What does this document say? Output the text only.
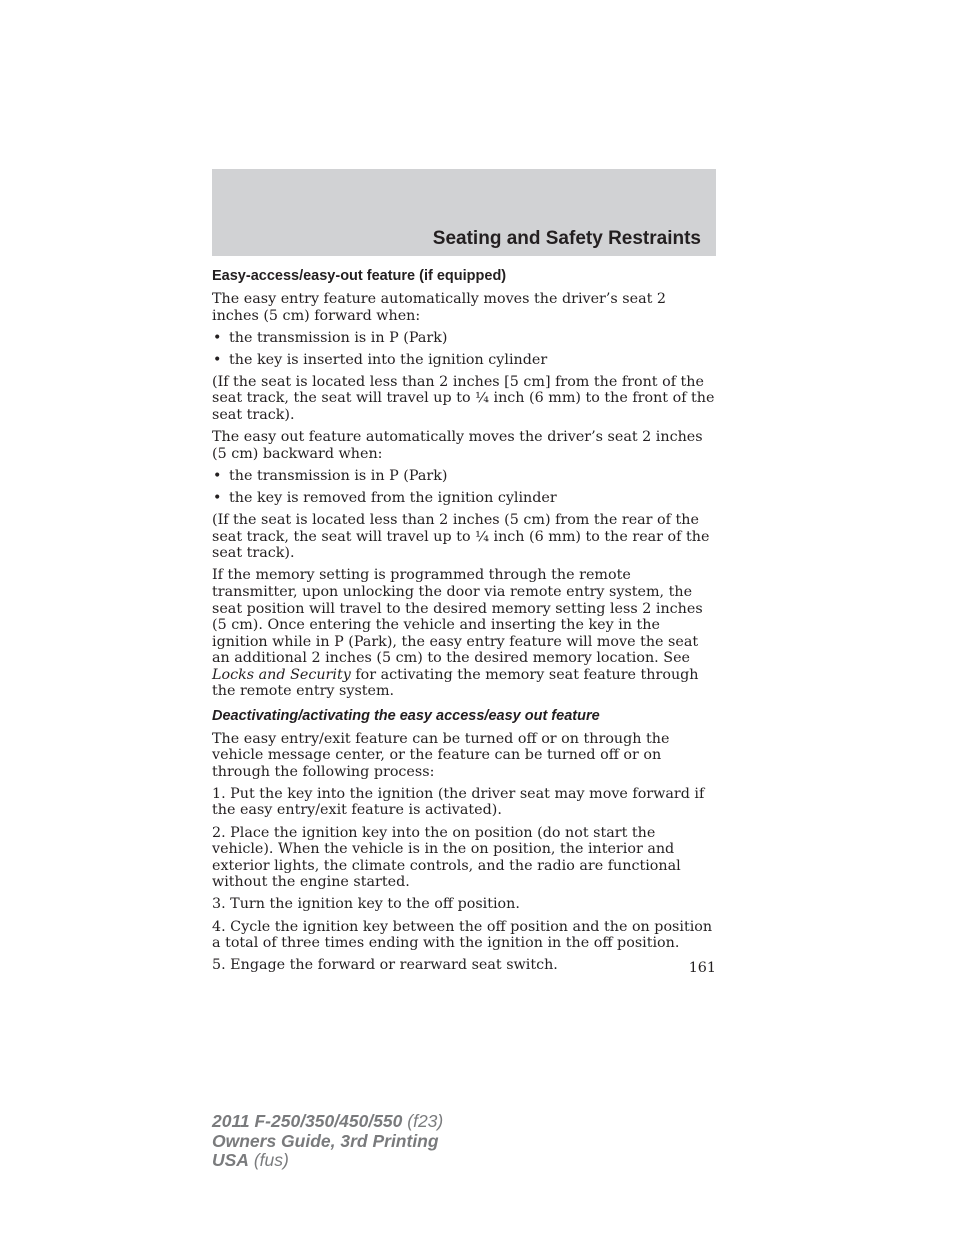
Seating and Safety Restraints
Easy-access/easy-out feature (if equipped)

The easy entry feature automatically moves the driver’s seat 2 inches (5 cm) forward when:

• the transmission is in P (Park)
• the key is inserted into the ignition cylinder

(If the seat is located less than 2 inches [5 cm] from the front of the seat track, the seat will travel up to ¼ inch (6 mm) to the front of the seat track).

The easy out feature automatically moves the driver’s seat 2 inches (5 cm) backward when:

• the transmission is in P (Park)
• the key is removed from the ignition cylinder

(If the seat is located less than 2 inches (5 cm) from the rear of the seat track, the seat will travel up to ¼ inch (6 mm) to the rear of the seat track).

If the memory setting is programmed through the remote transmitter, upon unlocking the door via remote entry system, the seat position will travel to the desired memory setting less 2 inches (5 cm). Once entering the vehicle and inserting the key in the ignition while in P (Park), the easy entry feature will move the seat an additional 2 inches (5 cm) to the desired memory location. See Locks and Security for activating the memory seat feature through the remote entry system.

Deactivating/activating the easy access/easy out feature

The easy entry/exit feature can be turned off or on through the vehicle message center, or the feature can be turned off or on through the following process:

1. Put the key into the ignition (the driver seat may move forward if the easy entry/exit feature is activated).

2. Place the ignition key into the on position (do not start the vehicle). When the vehicle is in the on position, the interior and exterior lights, the climate controls, and the radio are functional without the engine started.

3. Turn the ignition key to the off position.

4. Cycle the ignition key between the off position and the on position a total of three times ending with the ignition in the off position.

5. Engage the forward or rearward seat switch.	161
2011 F-250/350/450/550 (f23)
Owners Guide, 3rd Printing
USA (fus)
